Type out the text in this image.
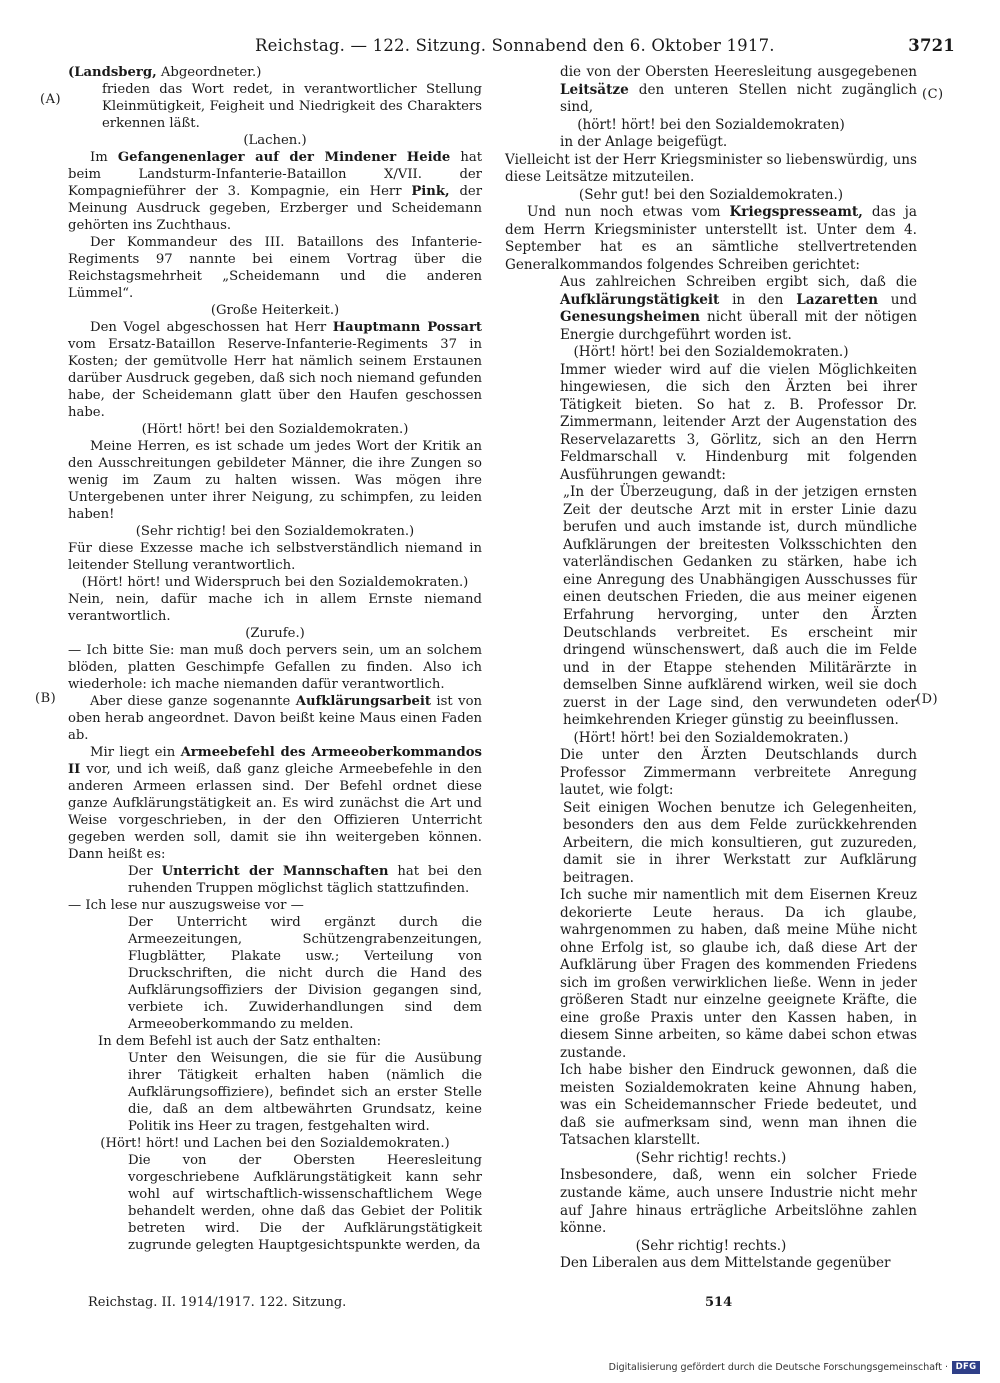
Reichstag. — 122. Sitzung. Sonnabend den 6. Oktober 1917.	3721
(A)
(B)
(C)
(D)

(Landsberg, Abgeordneter.)
frieden das Wort redet, in verantwortlicher Stellung Kleinmütigkeit, Feigheit und Niedrigkeit des Charakters erkennen läßt.

(Lachen.)

Im Gefangenenlager auf der Mindener Heide hat beim Landsturm-Infanterie-Bataillon X/VII. der Kompagnieführer der 3. Kompagnie, ein Herr Pink, der Meinung Ausdruck gegeben, Erzberger und Scheidemann gehörten ins Zuchthaus.

Der Kommandeur des III. Bataillons des Infanterie-Regiments 97 nannte bei einem Vortrag über die Reichstagsmehrheit „Scheidemann und die anderen Lümmel“.

(Große Heiterkeit.)

Den Vogel abgeschossen hat Herr Hauptmann Possart vom Ersatz-Bataillon Reserve-Infanterie-Regiments 37 in Kosten; der gemütvolle Herr hat nämlich seinem Erstaunen darüber Ausdruck gegeben, daß sich noch niemand gefunden habe, der Scheidemann glatt über den Haufen geschossen habe.

(Hört! hört! bei den Sozialdemokraten.)

Meine Herren, es ist schade um jedes Wort der Kritik an den Ausschreitungen gebildeter Männer, die ihre Zungen so wenig im Zaum zu halten wissen. Was mögen ihre Untergebenen unter ihrer Neigung, zu schimpfen, zu leiden haben!

(Sehr richtig! bei den Sozialdemokraten.)

Für diese Exzesse mache ich selbstverständlich niemand in leitender Stellung verantwortlich.

(Hört! hört! und Widerspruch bei den Sozialdemokraten.)

Nein, nein, dafür mache ich in allem Ernste niemand verantwortlich.

(Zurufe.)

— Ich bitte Sie: man muß doch pervers sein, um an solchem blöden, platten Geschimpfe Gefallen zu finden. Also ich wiederhole: ich mache niemanden dafür verantwortlich.

Aber diese ganze sogenannte Aufklärungsarbeit ist von oben herab angeordnet. Davon beißt keine Maus einen Faden ab.

Mir liegt ein Armeebefehl des Armeeoberkommandos II vor, und ich weiß, daß ganz gleiche Armeebefehle in den anderen Armeen erlassen sind. Der Befehl ordnet diese ganze Aufklärungstätigkeit an. Es wird zunächst die Art und Weise vorgeschrieben, in der den Offizieren Unterricht gegeben werden soll, damit sie ihn weitergeben können. Dann heißt es:

Der Unterricht der Mannschaften hat bei den ruhenden Truppen möglichst täglich stattzufinden.

— Ich lese nur auszugsweise vor —

Der Unterricht wird ergänzt durch die Armeezeitungen, Schützengrabenzeitungen, Flugblätter, Plakate usw.; Verteilung von Druckschriften, die nicht durch die Hand des Aufklärungsoffiziers der Division gegangen sind, verbiete ich. Zuwiderhandlungen sind dem Armeeoberkommando zu melden.

In dem Befehl ist auch der Satz enthalten:

Unter den Weisungen, die sie für die Ausübung ihrer Tätigkeit erhalten haben (nämlich die Aufklärungsoffiziere), befindet sich an erster Stelle die, daß an dem altbewährten Grundsatz, keine Politik ins Heer zu tragen, festgehalten wird.

(Hört! hört! und Lachen bei den Sozialdemokraten.)

Die von der Obersten Heeresleitung vorgeschriebene Aufklärungstätigkeit kann sehr wohl auf wirtschaftlich-wissenschaftlichem Wege behandelt werden, ohne daß das Gebiet der Politik betreten wird. Die der Aufklärungstätigkeit zugrunde gelegten Hauptgesichtspunkte werden, da

die von der Obersten Heeresleitung ausgegebenen Leitsätze den unteren Stellen nicht zugänglich sind,

(hört! hört! bei den Sozialdemokraten)

in der Anlage beigefügt.

Vielleicht ist der Herr Kriegsminister so liebenswürdig, uns diese Leitsätze mitzuteilen.

(Sehr gut! bei den Sozialdemokraten.)

Und nun noch etwas vom Kriegspresseamt, das ja dem Herrn Kriegsminister unterstellt ist. Unter dem 4. September hat es an sämtliche stellvertretenden Generalkommandos folgendes Schreiben gerichtet:

Aus zahlreichen Schreiben ergibt sich, daß die Aufklärungstätigkeit in den Lazaretten und Genesungsheimen nicht überall mit der nötigen Energie durchgeführt worden ist.

(Hört! hört! bei den Sozialdemokraten.)

Immer wieder wird auf die vielen Möglichkeiten hingewiesen, die sich den Ärzten bei ihrer Tätigkeit bieten. So hat z. B. Professor Dr. Zimmermann, leitender Arzt der Augenstation des Reservelazaretts 3, Görlitz, sich an den Herrn Feldmarschall v. Hindenburg mit folgenden Ausführungen gewandt:

„In der Überzeugung, daß in der jetzigen ernsten Zeit der deutsche Arzt mit in erster Linie dazu berufen und auch imstande ist, durch mündliche Aufklärungen der breitesten Volksschichten den vaterländischen Gedanken zu stärken, habe ich eine Anregung des Unabhängigen Ausschusses für einen deutschen Frieden, die aus meiner eigenen Erfahrung hervorging, unter den Ärzten Deutschlands verbreitet. Es erscheint mir dringend wünschenswert, daß auch die im Felde und in der Etappe stehenden Militärärzte in demselben Sinne aufklärend wirken, weil sie doch zuerst in der Lage sind, den verwundeten oder heimkehrenden Krieger günstig zu beeinflussen.

(Hört! hört! bei den Sozialdemokraten.)

Die unter den Ärzten Deutschlands durch Professor Zimmermann verbreitete Anregung lautet, wie folgt:

Seit einigen Wochen benutze ich Gelegenheiten, besonders den aus dem Felde zurückkehrenden Arbeitern, die mich konsultieren, gut zuzureden, damit sie in ihrer Werkstatt zur Aufklärung beitragen.

Ich suche mir namentlich mit dem Eisernen Kreuz dekorierte Leute heraus. Da ich glaube, wahrgenommen zu haben, daß meine Mühe nicht ohne Erfolg ist, so glaube ich, daß diese Art der Aufklärung über Fragen des kommenden Friedens sich im großen verwirklichen ließe. Wenn in jeder größeren Stadt nur einzelne geeignete Kräfte, die eine große Praxis unter den Kassen haben, in diesem Sinne arbeiten, so käme dabei schon etwas zustande.

Ich habe bisher den Eindruck gewonnen, daß die meisten Sozialdemokraten keine Ahnung haben, was ein Scheidemannscher Friede bedeutet, und daß sie aufmerksam sind, wenn man ihnen die Tatsachen klarstellt.

(Sehr richtig! rechts.)

Insbesondere, daß, wenn ein solcher Friede zustande käme, auch unsere Industrie nicht mehr auf Jahre hinaus erträgliche Arbeitslöhne zahlen könne.

(Sehr richtig! rechts.)

Den Liberalen aus dem Mittelstande gegenüber

Reichstag. II. 1914/1917. 122. Sitzung.	514
Digitalisierung gefördert durch die Deutsche Forschungsgemeinschaft · DFG
